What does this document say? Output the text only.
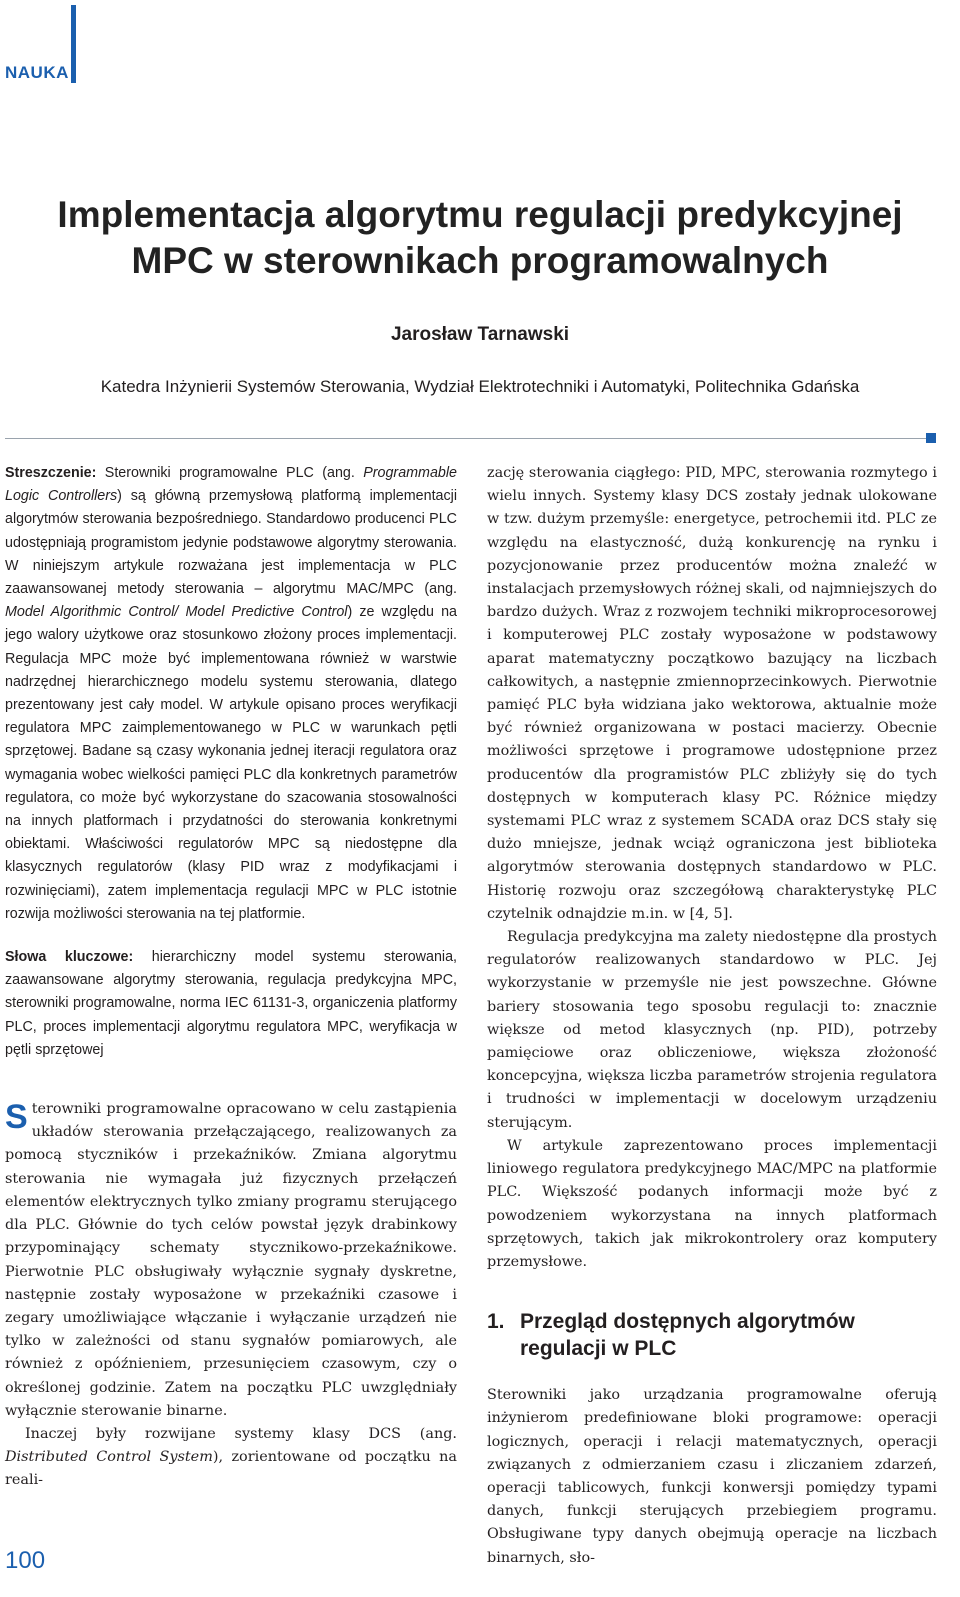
NAUKA
Implementacja algorytmu regulacji predykcyjnej
MPC w sterownikach programowalnych
Jarosław Tarnawski
Katedra Inżynierii Systemów Sterowania, Wydział Elektrotechniki i Automatyki, Politechnika Gdańska

Streszczenie: Sterowniki programowalne PLC (ang. Programmable Logic Controllers) są główną przemysłową platformą implementacji algorytmów sterowania bezpośredniego. Standardowo producenci PLC udostępniają programistom jedynie podstawowe algorytmy sterowania. W niniejszym artykule rozważana jest implementacja w PLC zaawansowanej metody sterowania – algorytmu MAC/MPC (ang. Model Algorithmic Control/ Model Predictive Control) ze względu na jego walory użytkowe oraz stosunkowo złożony proces implementacji. Regulacja MPC może być implementowana również w warstwie nadrzędnej hierarchicznego modelu systemu sterowania, dlatego prezentowany jest cały model. W artykule opisano proces weryfikacji regulatora MPC zaimplementowanego w PLC w warunkach pętli sprzętowej. Badane są czasy wykonania jednej iteracji regulatora oraz wymagania wobec wielkości pamięci PLC dla konkretnych parametrów regulatora, co może być wykorzystane do szacowania stosowalności na innych platformach i przydatności do sterowania konkretnymi obiektami. Właściwości regulatorów MPC są niedostępne dla klasycznych regulatorów (klasy PID wraz z modyfikacjami i rozwinięciami), zatem implementacja regulacji MPC w PLC istotnie rozwija możliwości sterowania na tej platformie.

Słowa kluczowe: hierarchiczny model systemu sterowania, zaawansowane algorytmy sterowania, regulacja predykcyjna MPC, sterowniki programowalne, norma IEC 61131-3, organiczenia platformy PLC, proces implementacji algorytmu regulatora MPC, weryfikacja w pętli sprzętowej

Sterowniki programowalne opracowano w celu zastąpienia układów sterowania przełączającego, realizowanych za pomocą styczników i przekaźników. Zmiana algorytmu sterowania nie wymagała już fizycznych przełączeń elementów elektrycznych tylko zmiany programu sterującego dla PLC. Głównie do tych celów powstał język drabinkowy przypominający schematy stycznikowo-przekaźnikowe. Pierwotnie PLC obsługiwały wyłącznie sygnały dyskretne, następnie zostały wyposażone w przekaźniki czasowe i zegary umożliwiające włączanie i wyłączanie urządzeń nie tylko w zależności od stanu sygnałów pomiarowych, ale również z opóźnieniem, przesunięciem czasowym, czy o określonej godzinie. Zatem na początku PLC uwzględniały wyłącznie sterowanie binarne.

Inaczej były rozwijane systemy klasy DCS (ang. Distributed Control System), zorientowane od początku na reali-

zację sterowania ciągłego: PID, MPC, sterowania rozmytego i wielu innych. Systemy klasy DCS zostały jednak ulokowane w tzw. dużym przemyśle: energetyce, petrochemii itd. PLC ze względu na elastyczność, dużą konkurencję na rynku i pozycjonowanie przez producentów można znaleźć w instalacjach przemysłowych różnej skali, od najmniejszych do bardzo dużych. Wraz z rozwojem techniki mikroprocesorowej i komputerowej PLC zostały wyposażone w podstawowy aparat matematyczny początkowo bazujący na liczbach całkowitych, a następnie zmiennoprzecinkowych. Pierwotnie pamięć PLC była widziana jako wektorowa, aktualnie może być również organizowana w postaci macierzy. Obecnie możliwości sprzętowe i programowe udostępnione przez producentów dla programistów PLC zbliżyły się do tych dostępnych w komputerach klasy PC. Różnice między systemami PLC wraz z systemem SCADA oraz DCS stały się dużo mniejsze, jednak wciąż ograniczona jest biblioteka algorytmów sterowania dostępnych standardowo w PLC. Historię rozwoju oraz szczegółową charakterystykę PLC czytelnik odnajdzie m.in. w [4, 5].

Regulacja predykcyjna ma zalety niedostępne dla prostych regulatorów realizowanych standardowo w PLC. Jej wykorzystanie w przemyśle nie jest powszechne. Główne bariery stosowania tego sposobu regulacji to: znacznie większe od metod klasycznych (np. PID), potrzeby pamięciowe oraz obliczeniowe, większa złożoność koncepcyjna, większa liczba parametrów strojenia regulatora i trudności w implementacji w docelowym urządzeniu sterującym.

W artykule zaprezentowano proces implementacji liniowego regulatora predykcyjnego MAC/MPC na platformie PLC. Większość podanych informacji może być z powodzeniem wykorzystana na innych platformach sprzętowych, takich jak mikrokontrolery oraz komputery przemysłowe.

1. Przegląd dostępnych algorytmów regulacji w PLC

Sterowniki jako urządzania programowalne oferują inżynierom predefiniowane bloki programowe: operacji logicznych, operacji i relacji matematycznych, operacji związanych z odmierzaniem czasu i zliczaniem zdarzeń, operacji tablicowych, funkcji konwersji pomiędzy typami danych, funkcji sterujących przebiegiem programu. Obsługiwane typy danych obejmują operacje na liczbach binarnych, sło-

100
